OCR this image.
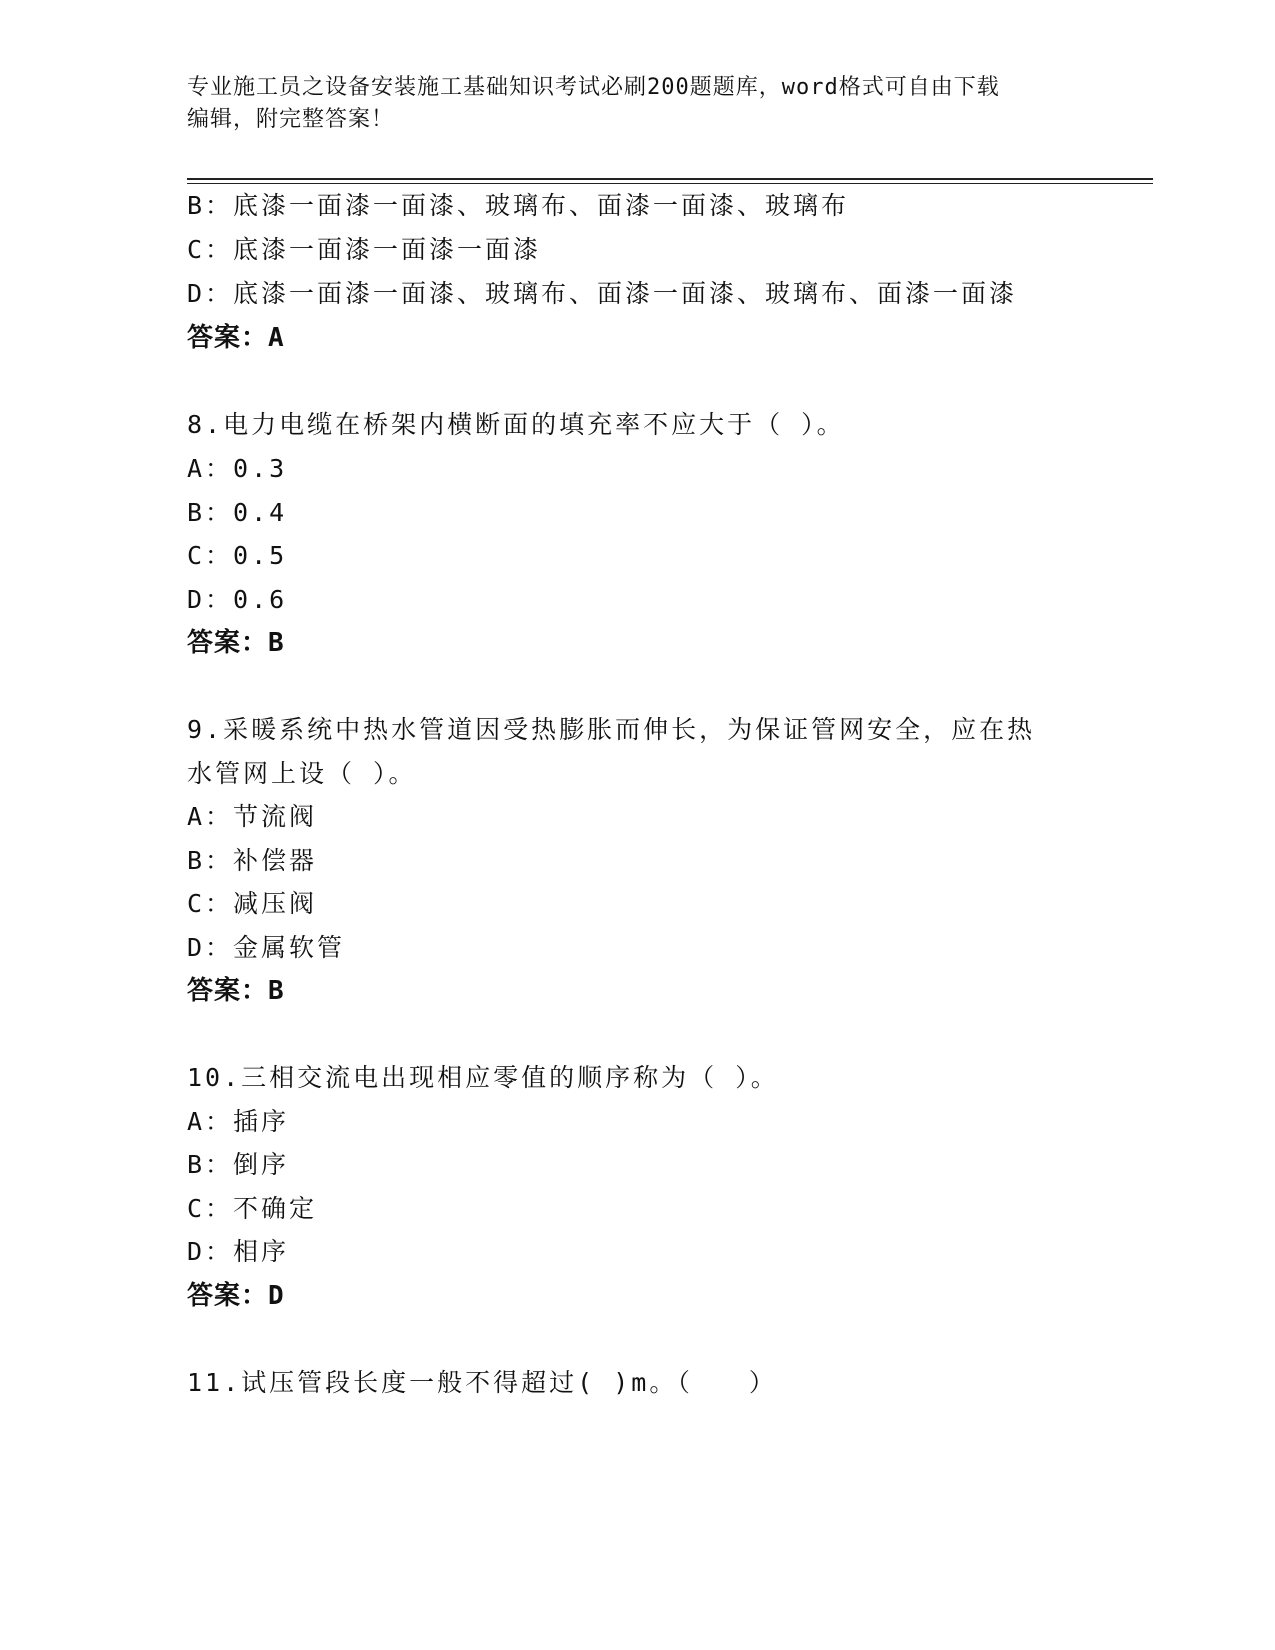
专业施工员之设备安装施工基础知识考试必刷200题题库，word格式可自由下载
编辑，附完整答案！
B：底漆一面漆一面漆、玻璃布、面漆一面漆、玻璃布
C：底漆一面漆一面漆一面漆
D：底漆一面漆一面漆、玻璃布、面漆一面漆、玻璃布、面漆一面漆
答案：A
8.电力电缆在桥架内横断面的填充率不应大于（ ）。
A：0.3
B：0.4
C：0.5
D：0.6
答案：B
9.采暖系统中热水管道因受热膨胀而伸长，为保证管网安全，应在热
水管网上设（ ）。
A：节流阀
B：补偿器
C：减压阀
D：金属软管
答案：B
10.三相交流电出现相应零值的顺序称为（ ）。
A：插序
B：倒序
C：不确定
D：相序
答案：D
11.试压管段长度一般不得超过( )m。（　　）
